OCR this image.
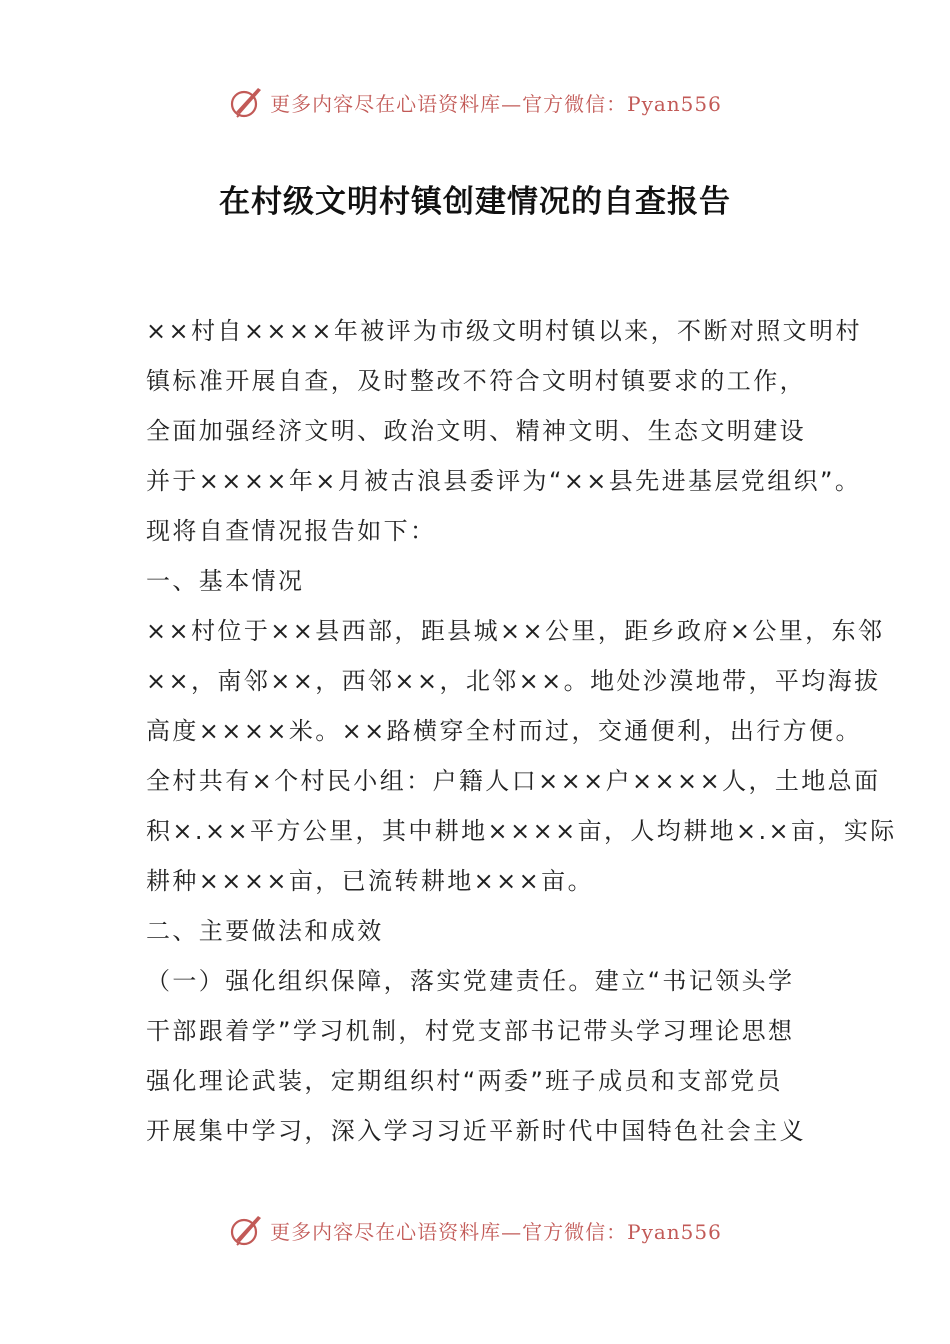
更多内容尽在心语资料库—官方微信：Pyan556
在村级文明村镇创建情况的自查报告
××村自××××年被评为市级文明村镇以来，不断对照文明村
镇标准开展自查，及时整改不符合文明村镇要求的工作，
全面加强经济文明、政治文明、精神文明、生态文明建设
并于××××年×月被古浪县委评为“××县先进基层党组织”。
现将自查情况报告如下：
一、基本情况
××村位于××县西部，距县城××公里，距乡政府×公里，东邻
××，南邻××，西邻××，北邻××。地处沙漠地带，平均海拔
高度××××米。××路横穿全村而过，交通便利，出行方便。
全村共有×个村民小组：户籍人口×××户××××人，土地总面
积×.××平方公里，其中耕地××××亩，人均耕地×.×亩，实际
耕种××××亩，已流转耕地×××亩。
二、主要做法和成效
（一）强化组织保障，落实党建责任。建立“书记领头学
干部跟着学”学习机制，村党支部书记带头学习理论思想
强化理论武装，定期组织村“两委”班子成员和支部党员
开展集中学习，深入学习习近平新时代中国特色社会主义
更多内容尽在心语资料库—官方微信：Pyan556
